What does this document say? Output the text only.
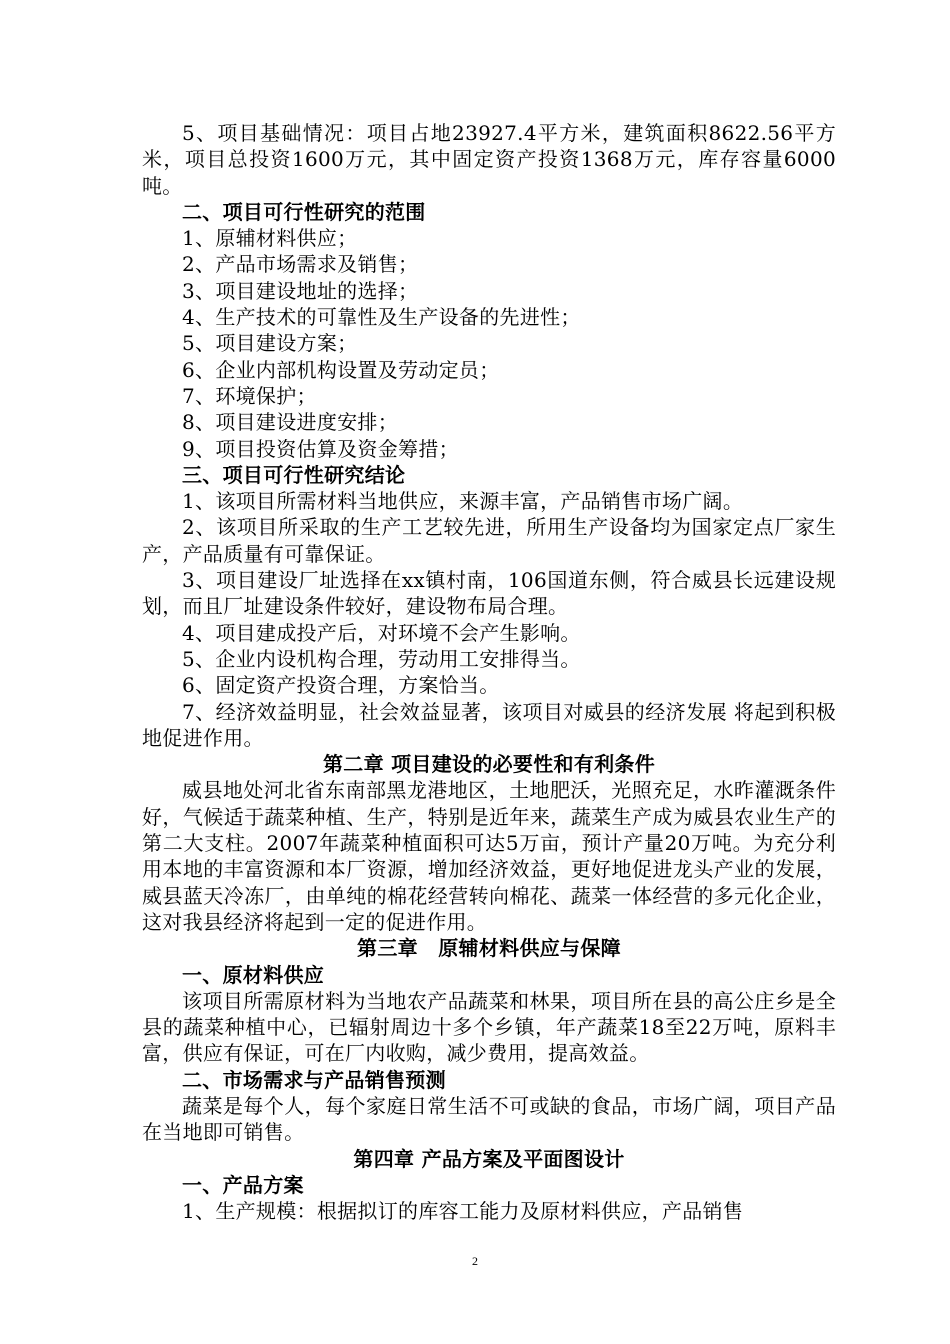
5、项目基础情况：项目占地23927.4平方米，建筑面积8622.56平方米，项目总投资1600万元，其中固定资产投资1368万元，库存容量6000吨。

二、项目可行性研究的范围

1、原辅材料供应；

2、产品市场需求及销售；

3、项目建设地址的选择；

4、生产技术的可靠性及生产设备的先进性；

5、项目建设方案；

6、企业内部机构设置及劳动定员；

7、环境保护；

8、项目建设进度安排；

9、项目投资估算及资金筹措；

三、项目可行性研究结论

1、该项目所需材料当地供应，来源丰富，产品销售市场广阔。

2、该项目所采取的生产工艺较先进，所用生产设备均为国家定点厂家生产，产品质量有可靠保证。

3、项目建设厂址选择在xx镇村南，106国道东侧，符合威县长远建设规划，而且厂址建设条件较好，建设物布局合理。

4、项目建成投产后，对环境不会产生影响。

5、企业内设机构合理，劳动用工安排得当。

6、固定资产投资合理，方案恰当。

7、经济效益明显，社会效益显著，该项目对威县的经济发展 将起到积极地促进作用。

第二章 项目建设的必要性和有利条件

威县地处河北省东南部黑龙港地区，土地肥沃，光照充足，水昨灌溉条件好，气候适于蔬菜种植、生产，特别是近年来，蔬菜生产成为威县农业生产的第二大支柱。2007年蔬菜种植面积可达5万亩，预计产量20万吨。为充分利用本地的丰富资源和本厂资源，增加经济效益，更好地促进龙头产业的发展，威县蓝天冷冻厂，由单纯的棉花经营转向棉花、蔬菜一体经营的多元化企业，这对我县经济将起到一定的促进作用。

第三章　原辅材料供应与保障

一、原材料供应

该项目所需原材料为当地农产品蔬菜和林果，项目所在县的高公庄乡是全县的蔬菜种植中心，已辐射周边十多个乡镇，年产蔬菜18至22万吨，原料丰富，供应有保证，可在厂内收购，减少费用，提高效益。

二、市场需求与产品销售预测

蔬菜是每个人，每个家庭日常生活不可或缺的食品，市场广阔，项目产品在当地即可销售。

第四章 产品方案及平面图设计

一、产品方案

1、生产规模：根据拟订的库容工能力及原材料供应，产品销售

2
